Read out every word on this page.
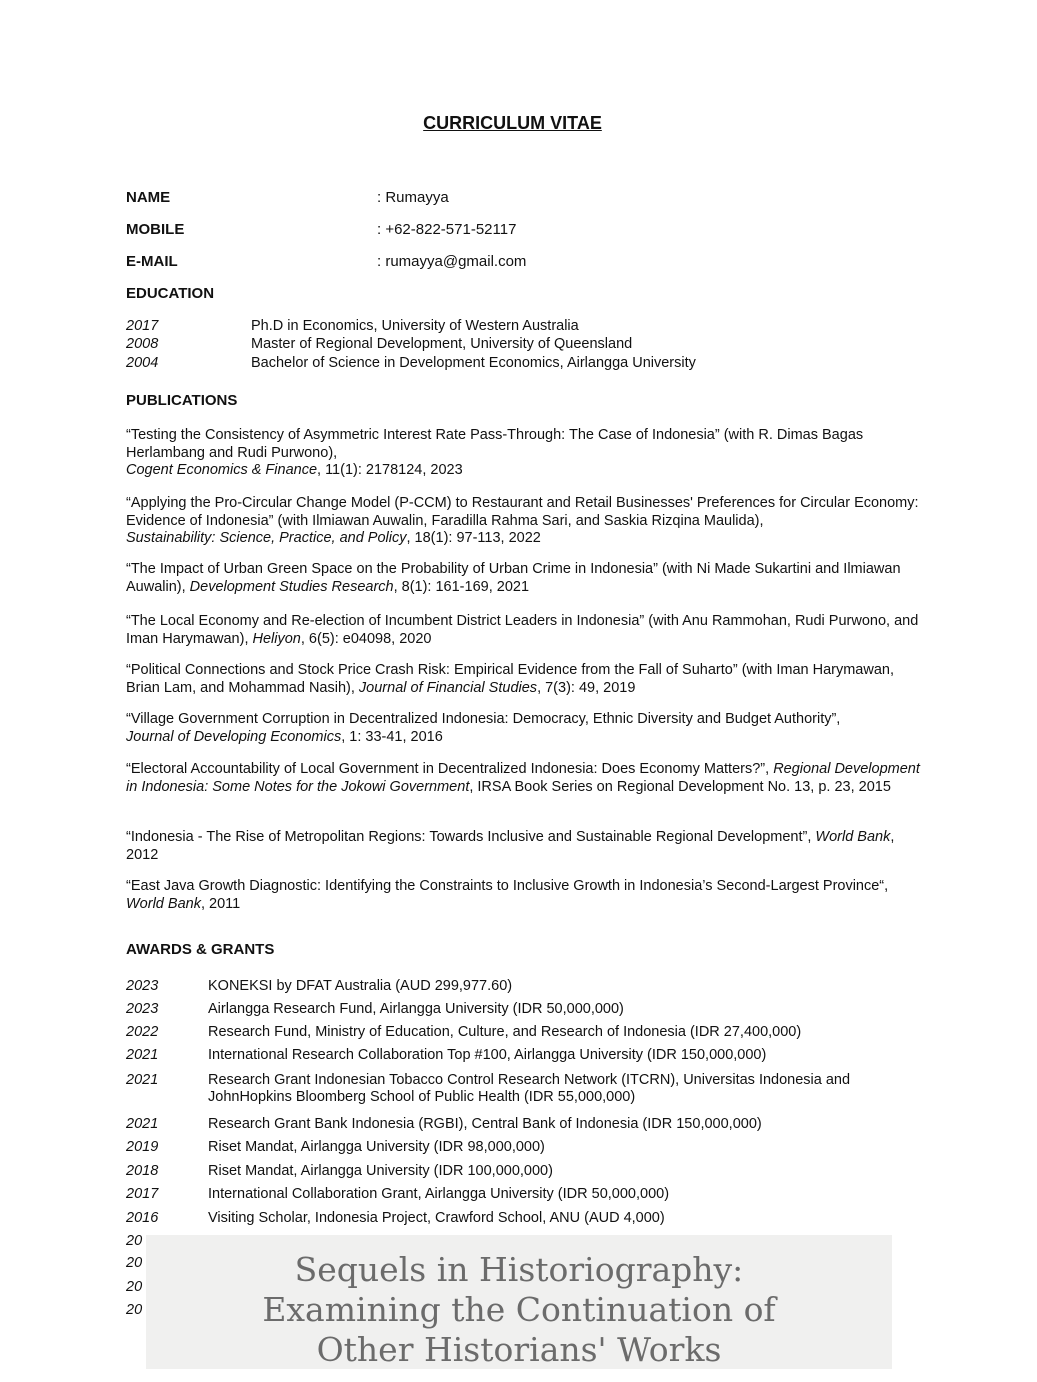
CURRICULUM VITAE
NAME	: Rumayya
MOBILE	: +62-822-571-52117
E-MAIL	: rumayya@gmail.com
EDUCATION
2017	Ph.D in Economics, University of Western Australia
2008	Master of Regional Development, University of Queensland
2004	Bachelor of Science in Development Economics, Airlangga University
PUBLICATIONS
“Testing the Consistency of Asymmetric Interest Rate Pass-Through: The Case of Indonesia” (with R. Dimas Bagas Herlambang and Rudi Purwono),
Cogent Economics & Finance, 11(1): 2178124, 2023
“Applying the Pro-Circular Change Model (P-CCM) to Restaurant and Retail Businesses' Preferences for Circular Economy: Evidence of Indonesia” (with Ilmiawan Auwalin, Faradilla Rahma Sari, and Saskia Rizqina Maulida),
Sustainability: Science, Practice, and Policy, 18(1): 97-113, 2022
“The Impact of Urban Green Space on the Probability of Urban Crime in Indonesia” (with Ni Made Sukartini and Ilmiawan Auwalin), Development Studies Research, 8(1): 161-169, 2021
“The Local Economy and Re-election of Incumbent District Leaders in Indonesia” (with Anu Rammohan, Rudi Purwono, and Iman Harymawan), Heliyon, 6(5): e04098, 2020
“Political Connections and Stock Price Crash Risk: Empirical Evidence from the Fall of Suharto” (with Iman Harymawan, Brian Lam, and Mohammad Nasih), Journal of Financial Studies, 7(3): 49, 2019
“Village Government Corruption in Decentralized Indonesia: Democracy, Ethnic Diversity and Budget Authority”,
Journal of Developing Economics, 1: 33-41, 2016
“Electoral Accountability of Local Government in Decentralized Indonesia: Does Economy Matters?”, Regional Development in Indonesia: Some Notes for the Jokowi Government, IRSA Book Series on Regional Development No. 13, p. 23, 2015
“Indonesia - The Rise of Metropolitan Regions: Towards Inclusive and Sustainable Regional Development”, World Bank, 2012
“East Java Growth Diagnostic: Identifying the Constraints to Inclusive Growth in Indonesia’s Second-Largest Province“, World Bank, 2011
AWARDS & GRANTS
2023	KONEKSI by DFAT Australia (AUD 299,977.60)
2023	Airlangga Research Fund, Airlangga University (IDR 50,000,000)
2022	Research Fund, Ministry of Education, Culture, and Research of Indonesia (IDR 27,400,000)
2021	International Research Collaboration Top #100, Airlangga University (IDR 150,000,000)
2021	Research Grant Indonesian Tobacco Control Research Network (ITCRN), Universitas Indonesia and JohnHopkins Bloomberg School of Public Health (IDR 55,000,000)
2021	Research Grant Bank Indonesia (RGBI), Central Bank of Indonesia (IDR 150,000,000)
2019	Riset Mandat, Airlangga University (IDR 98,000,000)
2018	Riset Mandat, Airlangga University (IDR 100,000,000)
2017	International Collaboration Grant, Airlangga University (IDR 50,000,000)
2016	Visiting Scholar, Indonesia Project, Crawford School, ANU (AUD 4,000)
20
20
20
20
Sequels in Historiography:
Examining the Continuation of
Other Historians' Works
